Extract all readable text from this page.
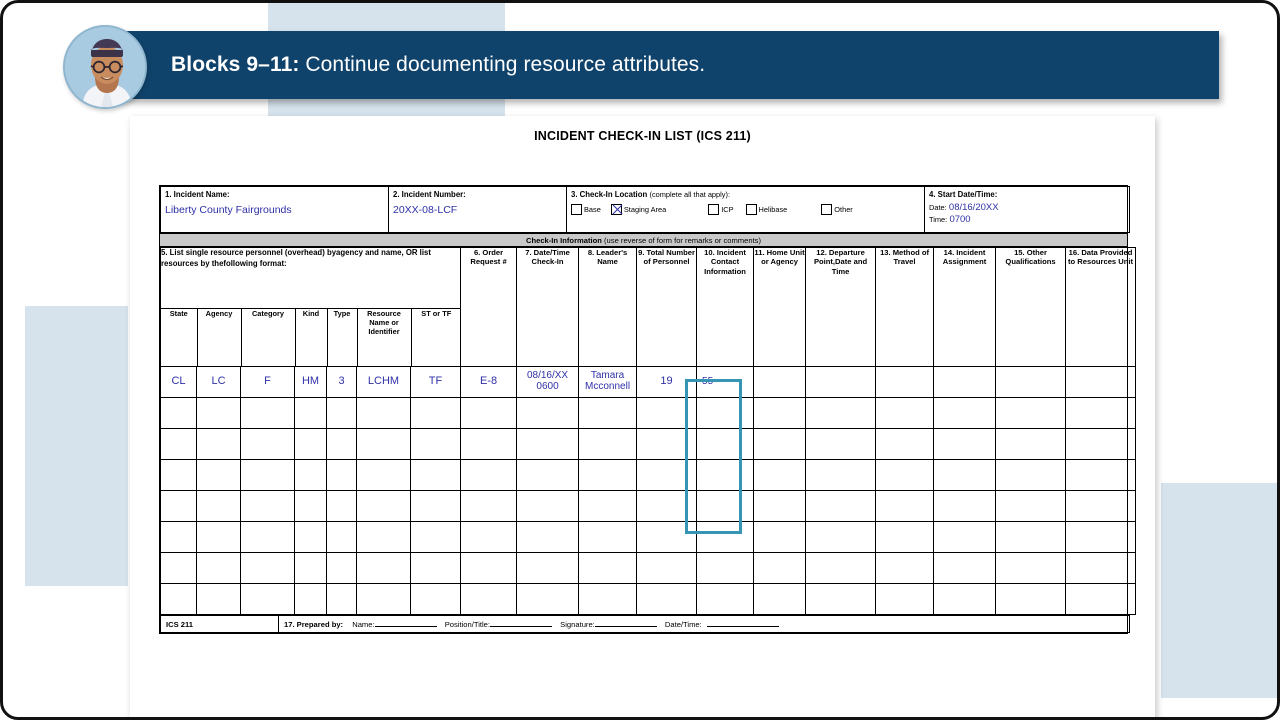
Blocks 9–11: Continue documenting resource attributes.
INCIDENT CHECK-IN LIST (ICS 211)
1. Incident Name:
Liberty County Fairgrounds

2. Incident Number:
20XX-08-LCF

3. Check-In Location (complete all that apply):
Base	Staging Area	ICP	Helibase	Other

4. Start Date/Time:
Date: 08/16/20XX
Time: 0700
Check-In Information (use reverse of form for remarks or comments)
5. List single resource personnel (overhead) byagency and name, OR list resources by thefollowing format:
State	Agency	Category	Kind	Type	Resource Name or Identifier	ST or TF
	6. Order Request #	7. Date/Time Check-In	8. Leader's Name	9. Total Number of Personnel	10. Incident Contact Information	11. Home Unit or Agency	12. Departure Point,Date and Time	13. Method of Travel	14. Incident Assignment	15. Other Qualifications	16. Data Provided to Resources Unit
CL	LC	F	HM	3	LCHM	TF	E-8	08/16/XX 0600	Tamara Mcconnell	19	55						

ICS 211	17. Prepared by: Name:	Position/Title:	Signature:	Date/Time:
